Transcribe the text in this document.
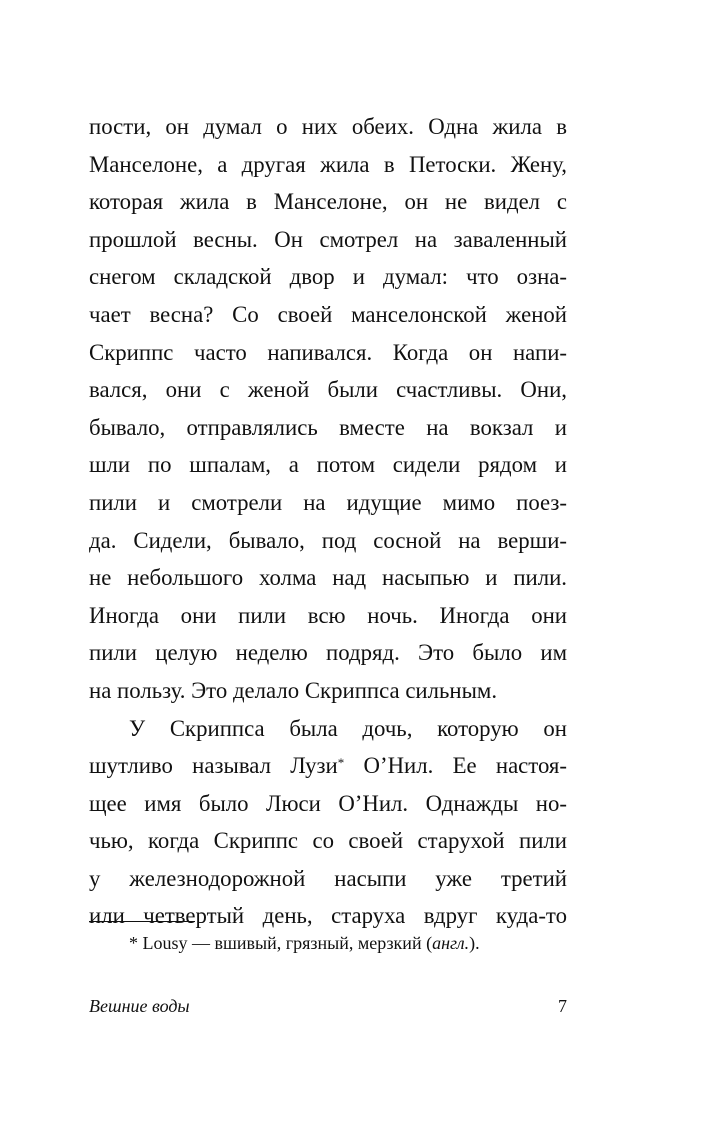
пости, он думал о них обеих. Одна жила в
Манселоне, а другая жила в Петоски. Жену,
которая жила в Манселоне, он не видел с
прошлой весны. Он смотрел на заваленный
снегом складской двор и думал: что озна-
чает весна? Со своей манселонской женой
Скриппс часто напивался. Когда он напи-
вался, они с женой были счастливы. Они,
бывало, отправлялись вместе на вокзал и
шли по шпалам, а потом сидели рядом и
пили и смотрели на идущие мимо поез-
да. Сидели, бывало, под сосной на верши-
не небольшого холма над насыпью и пили.
Иногда они пили всю ночь. Иногда они
пили целую неделю подряд. Это было им
на пользу. Это делало Скриппса сильным.
У Скриппса была дочь, которую он
шутливо называл Лузи* О’Нил. Ее настоя-
щее имя было Люси О’Нил. Однажды но-
чью, когда Скриппс со своей старухой пили
у железнодорожной насыпи уже третий
или четвертый день, старуха вдруг куда-то
* Lousy — вшивый, грязный, мерзкий (англ.).
Вешние воды	7
